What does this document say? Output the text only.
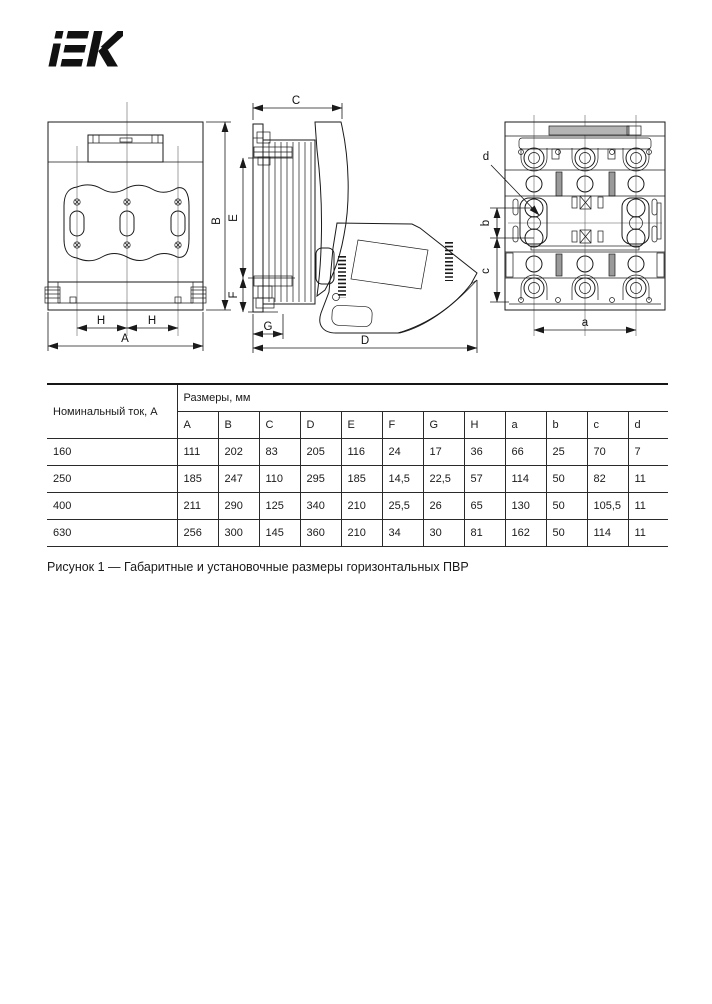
B
H	H
A
C
E
F
G
D
d
b
c
a
Номинальный ток, А	Размеры, мм											
	A	B	C	D	E	F	G	H	a	b	c	d
160	111	202	83	205	116	24	17	36	66	25	70	7
250	185	247	110	295	185	14,5	22,5	57	114	50	82	11
400	211	290	125	340	210	25,5	26	65	130	50	105,5	11
630	256	300	145	360	210	34	30	81	162	50	114	11
Рисунок 1 — Габаритные и установочные размеры горизонтальных ПВР
